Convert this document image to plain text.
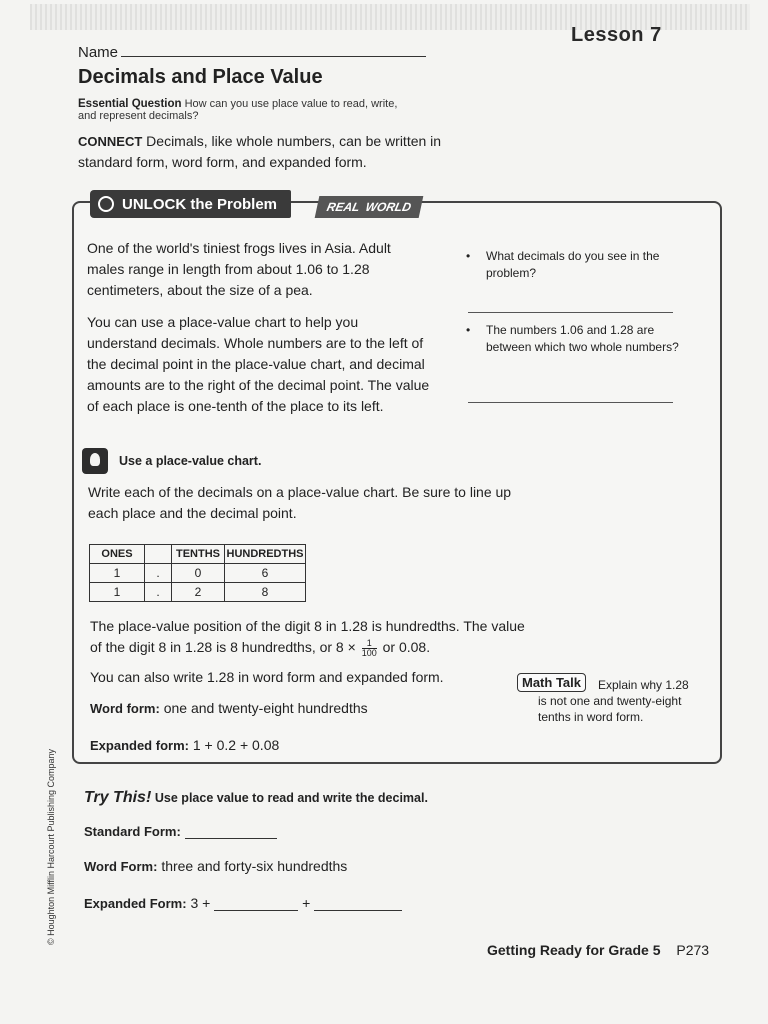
Lesson 7
Name
Decimals and Place Value
Essential Question How can you use place value to read, write, and represent decimals?
CONNECT Decimals, like whole numbers, can be written in standard form, word form, and expanded form.
UNLOCK the Problem	REAL WORLD
One of the world's tiniest frogs lives in Asia. Adult males range in length from about 1.06 to 1.28 centimeters, about the size of a pea.
You can use a place-value chart to help you understand decimals. Whole numbers are to the left of the decimal point in the place-value chart, and decimal amounts are to the right of the decimal point. The value of each place is one-tenth of the place to its left.
• What decimals do you see in the problem?
• The numbers 1.06 and 1.28 are between which two whole numbers?
Use a place-value chart.
Write each of the decimals on a place-value chart. Be sure to line up each place and the decimal point.
ONES		TENTHS	HUNDREDTHS
1	.	0	6
1	.	2	8
The place-value position of the digit 8 in 1.28 is hundredths. The value of the digit 8 in 1.28 is 8 hundredths, or $8 \times \frac{1}{100}$ or 0.08.
You can also write 1.28 in word form and expanded form.
Word form: one and twenty-eight hundredths
Expanded form: 1 + 0.2 + 0.08
Explain why 1.28 is not one and twenty-eight tenths in word form.
Math Talk
© Houghton Mifflin Harcourt Publishing Company Try This! Use place value to read and write the decimal.
Standard Form:
Word Form: three and forty-six hundredths
Expanded Form: 3 +	+
Getting Ready for Grade 5 P273
